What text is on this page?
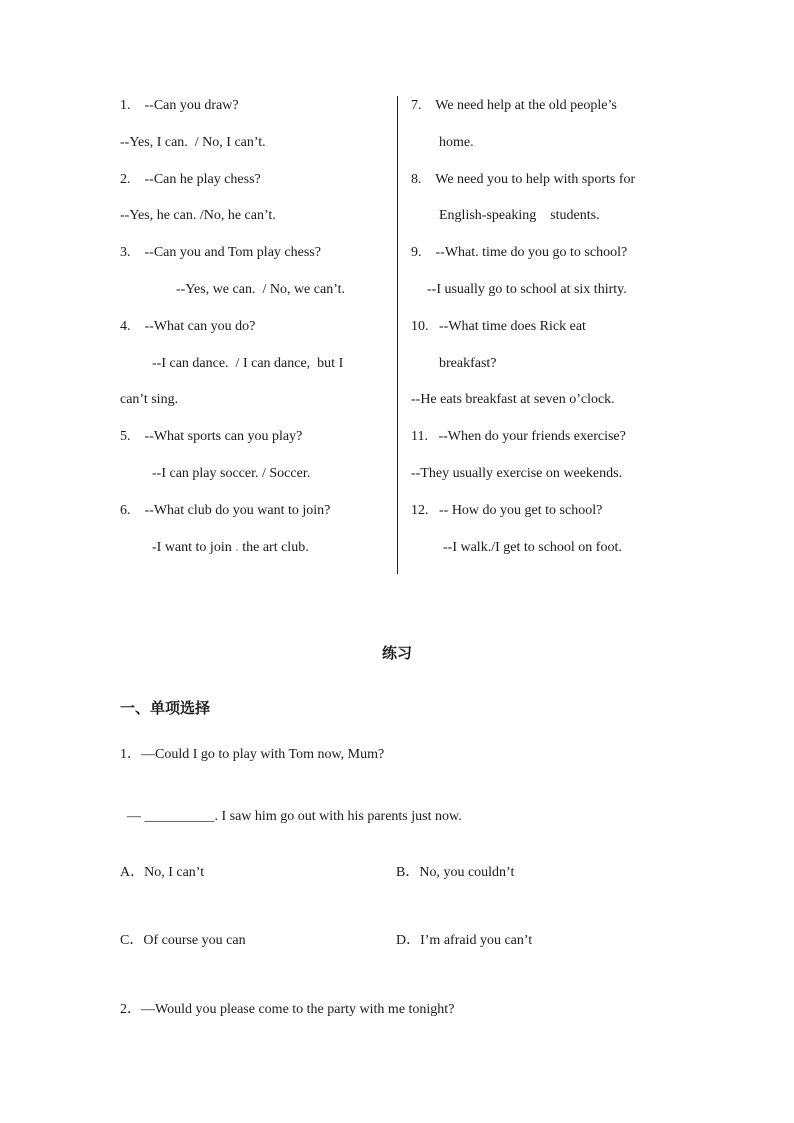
1.    --Can you draw?
--Yes, I can.  / No, I can’t.
2.    --Can he play chess?
--Yes, he can. /No, he can’t.
3.    --Can you and Tom play chess?
--Yes, we can.  / No, we can’t.
4.    --What can you do?
--I can dance.  / I can dance,  but I
can’t sing.
5.    --What sports can you play?
--I can play soccer. / Soccer.
6.    --What club do you want to join?
-I want to join . the art club.
7.    We need help at the old people’s
home.
8.    We need you to help with sports for
English-speaking    students.
9.    --What. time do you go to school?
--I usually go to school at six thirty.
10.   --What time does Rick eat
breakfast?
--He eats breakfast at seven o’clock.
11.   --When do your friends exercise?
--They usually exercise on weekends.
12.   -- How do you get to school?
--I walk./I get to school on foot.
练习
一、单项选择
1．—Could I go to play with Tom now, Mum?
— __________. I saw him go out with his parents just now.
A．No, I can’t	B．No, you couldn’t
C．Of course you can	D．I’m afraid you can’t
2．—Would you please come to the party with me tonight?
